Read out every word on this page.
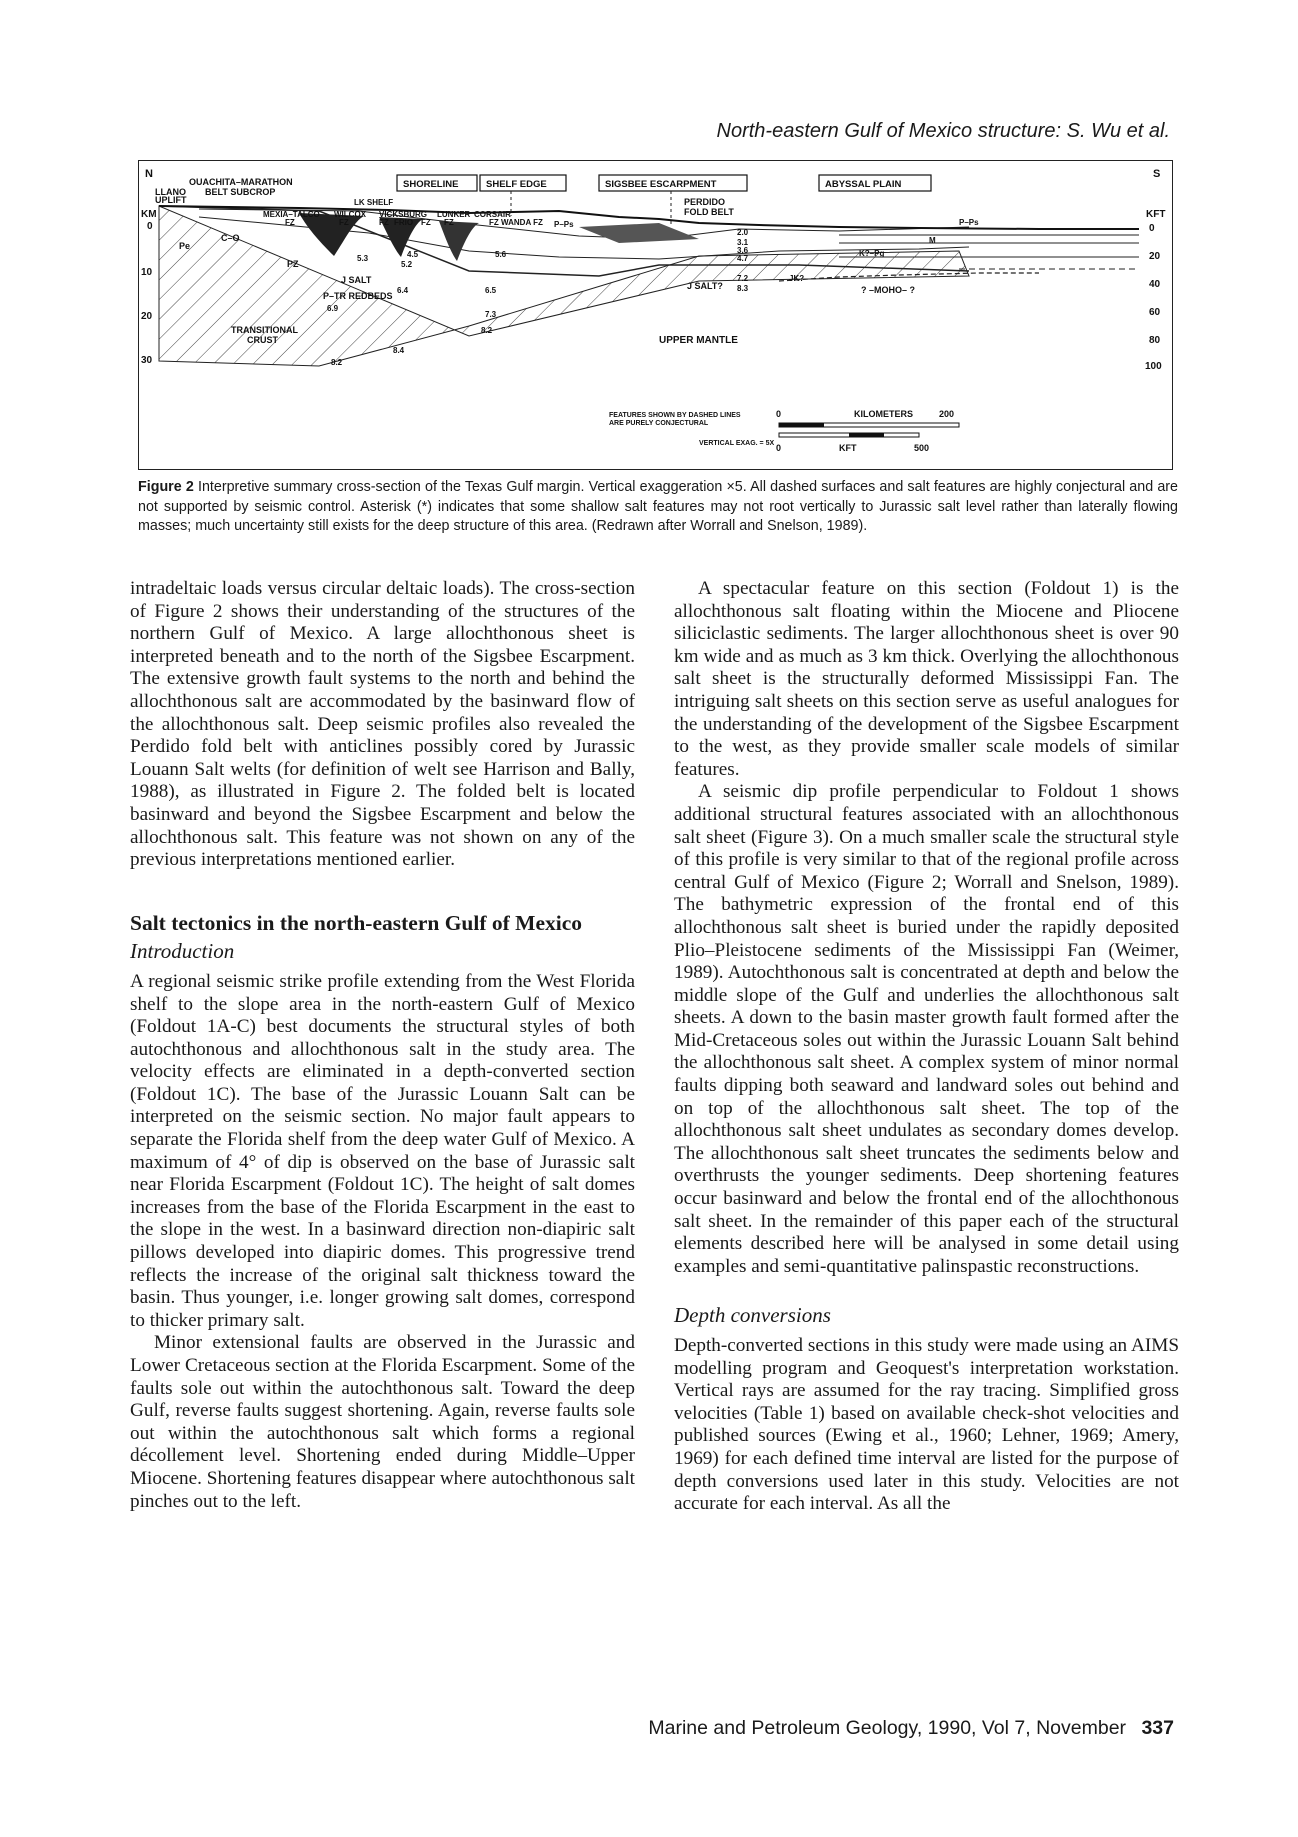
North-eastern Gulf of Mexico structure: S. Wu et al.
N	S
OUACHITA–MARATHON
LLANO BELT SUBCROP
UPLIFT	LK SHELF
MEXIA–TALCO WILCOX VICKSBURG LUNKER CORSAIR
FZ	FZ	FZ FRIO FZ FZ	FZ WANDA FZ P–Ps
SHORELINE	SHELF EDGE	SIGSBEE ESCARPMENT	ABYSSAL PLAIN
PERDIDO
FOLD BELT
KM
0
10
20
30
KFT
0
20
40
60
80
100
Pe
C–O
PZ
J SALT
P–TR REDBEDS
TRANSITIONAL
CRUST	UPPER MANTLE
J SALT?
JK?
K?–Pg
M
P–Ps
? –MOHO– ?
4.5
5.2
5.3	5.6
6.4	6.5
6.9
7.3
8.2
8.4
8.2
2.0
3.1
3.6
4.7
7.2
8.3
FEATURES SHOWN BY DASHED LINES
ARE PURELY CONJECTURAL
VERTICAL EXAG. = 5X
0	KILOMETERS	200
0	KFT	500
Figure 2 Interpretive summary cross-section of the Texas Gulf margin. Vertical exaggeration ×5. All dashed surfaces and salt features are highly conjectural and are not supported by seismic control. Asterisk (*) indicates that some shallow salt features may not root vertically to Jurassic salt level rather than laterally flowing masses; much uncertainty still exists for the deep structure of this area. (Redrawn after Worrall and Snelson, 1989).

intradeltaic loads versus circular deltaic loads). The cross-section of Figure 2 shows their understanding of the structures of the northern Gulf of Mexico. A large allochthonous sheet is interpreted beneath and to the north of the Sigsbee Escarpment. The extensive growth fault systems to the north and behind the allochthonous salt are accommodated by the basinward flow of the allochthonous salt. Deep seismic profiles also revealed the Perdido fold belt with anticlines possibly cored by Jurassic Louann Salt welts (for definition of welt see Harrison and Bally, 1988), as illustrated in Figure 2. The folded belt is located basinward and beyond the Sigsbee Escarpment and below the allochthonous salt. This feature was not shown on any of the previous interpretations mentioned earlier.

Salt tectonics in the north-eastern Gulf of Mexico
Introduction

A regional seismic strike profile extending from the West Florida shelf to the slope area in the north-eastern Gulf of Mexico (Foldout 1A-C) best documents the structural styles of both autochthonous and allochthonous salt in the study area. The velocity effects are eliminated in a depth-converted section (Foldout 1C). The base of the Jurassic Louann Salt can be interpreted on the seismic section. No major fault appears to separate the Florida shelf from the deep water Gulf of Mexico. A maximum of 4° of dip is observed on the base of Jurassic salt near Florida Escarpment (Foldout 1C). The height of salt domes increases from the base of the Florida Escarpment in the east to the slope in the west. In a basinward direction non-diapiric salt pillows developed into diapiric domes. This progressive trend reflects the increase of the original salt thickness toward the basin. Thus younger, i.e. longer growing salt domes, correspond to thicker primary salt.

Minor extensional faults are observed in the Jurassic and Lower Cretaceous section at the Florida Escarpment. Some of the faults sole out within the autochthonous salt. Toward the deep Gulf, reverse faults suggest shortening. Again, reverse faults sole out within the autochthonous salt which forms a regional décollement level. Shortening ended during Middle–Upper Miocene. Shortening features disappear where autochthonous salt pinches out to the left.

A spectacular feature on this section (Foldout 1) is the allochthonous salt floating within the Miocene and Pliocene siliciclastic sediments. The larger allochthonous sheet is over 90 km wide and as much as 3 km thick. Overlying the allochthonous salt sheet is the structurally deformed Mississippi Fan. The intriguing salt sheets on this section serve as useful analogues for the understanding of the development of the Sigsbee Escarpment to the west, as they provide smaller scale models of similar features.

A seismic dip profile perpendicular to Foldout 1 shows additional structural features associated with an allochthonous salt sheet (Figure 3). On a much smaller scale the structural style of this profile is very similar to that of the regional profile across central Gulf of Mexico (Figure 2; Worrall and Snelson, 1989). The bathymetric expression of the frontal end of this allochthonous salt sheet is buried under the rapidly deposited Plio–Pleistocene sediments of the Mississippi Fan (Weimer, 1989). Autochthonous salt is concentrated at depth and below the middle slope of the Gulf and underlies the allochthonous salt sheets. A down to the basin master growth fault formed after the Mid-Cretaceous soles out within the Jurassic Louann Salt behind the allochthonous salt sheet. A complex system of minor normal faults dipping both seaward and landward soles out behind and on top of the allochthonous salt sheet. The top of the allochthonous salt sheet undulates as secondary domes develop. The allochthonous salt sheet truncates the sediments below and overthrusts the younger sediments. Deep shortening features occur basinward and below the frontal end of the allochthonous salt sheet. In the remainder of this paper each of the structural elements described here will be analysed in some detail using examples and semi-quantitative palinspastic reconstructions.

Depth conversions

Depth-converted sections in this study were made using an AIMS modelling program and Geoquest's interpretation workstation. Vertical rays are assumed for the ray tracing. Simplified gross velocities (Table 1) based on available check-shot velocities and published sources (Ewing et al., 1960; Lehner, 1969; Amery, 1969) for each defined time interval are listed for the purpose of depth conversions used later in this study. Velocities are not accurate for each interval. As all the

Marine and Petroleum Geology, 1990, Vol 7, November 337
